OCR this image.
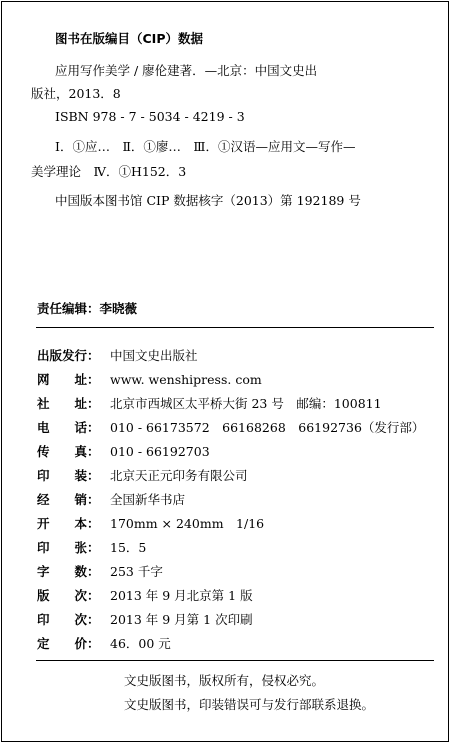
图书在版编目（CIP）数据
应用写作美学 / 廖伦建著．—北京：中国文史出
版社，2013．8
ISBN 978 - 7 - 5034 - 4219 - 3
Ⅰ．①应…　Ⅱ．①廖…　Ⅲ．①汉语—应用文—写作—
美学理论　Ⅳ．①H152．3
中国版本图书馆 CIP 数据核字（2013）第 192189 号
责任编辑：李晓薇
出版发行： 中国文史出版社
网　　址： www. wenshipress. com
社　　址： 北京市西城区太平桥大街 23 号　邮编：100811
电　　话： 010 - 66173572　66168268　66192736（发行部）
传　　真： 010 - 66192703
印　　装： 北京天正元印务有限公司
经　　销： 全国新华书店
开　　本： 170mm × 240mm　1/16
印　　张： 15．5
字　　数： 253 千字
版　　次： 2013 年 9 月北京第 1 版
印　　次： 2013 年 9 月第 1 次印刷
定　　价： 46．00 元
文史版图书，版权所有，侵权必究。
文史版图书，印装错误可与发行部联系退换。
